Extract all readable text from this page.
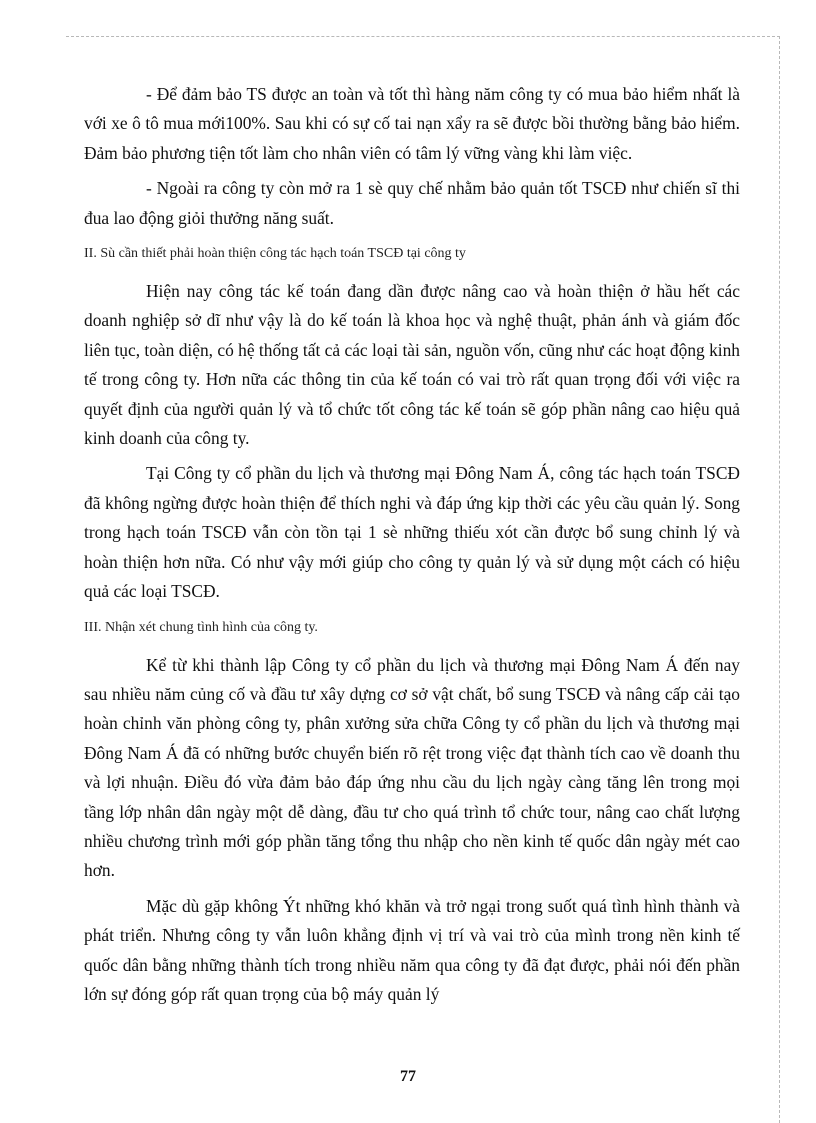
- Để đảm bảo TS được an toàn và tốt thì hàng năm công ty có mua bảo hiểm nhất là với xe ô tô mua mới100%. Sau khi có sự cố tai nạn xẩy ra sẽ được bồi thường bằng bảo hiểm. Đảm bảo phương tiện tốt làm cho nhân viên có tâm lý vững vàng khi làm việc.

- Ngoài ra công ty còn mở ra 1 sè quy chế nhằm bảo quản tốt TSCĐ như chiến sĩ thi đua lao động giỏi thưởng năng suất.

II. Sù cần thiết phải hoàn thiện công tác hạch toán TSCĐ tại công ty

Hiện nay công tác kế toán đang dần được nâng cao và hoàn thiện ở hầu hết các doanh nghiệp sở dĩ như vậy là do kế toán là khoa học và nghệ thuật, phản ánh và giám đốc liên tục, toàn diện, có hệ thống tất cả các loại tài sản, nguồn vốn, cũng như các hoạt động kinh tế trong công ty. Hơn nữa các thông tin của kế toán có vai trò rất quan trọng đối với việc ra quyết định của người quản lý và tổ chức tốt công tác kế toán sẽ góp phần nâng cao hiệu quả kinh doanh của công ty.

Tại Công ty cổ phần du lịch và thương mại Đông Nam Á, công tác hạch toán TSCĐ đã không ngừng được hoàn thiện để thích nghi và đáp ứng kịp thời các yêu cầu quản lý. Song trong hạch toán TSCĐ vẫn còn tồn tại 1 sè những thiếu xót cần được bổ sung chỉnh lý và hoàn thiện hơn nữa. Có như vậy mới giúp cho công ty quản lý và sử dụng một cách có hiệu quả các loại TSCĐ.

III. Nhận xét chung tình hình của công ty.

Kể từ khi thành lập Công ty cổ phần du lịch và thương mại Đông Nam Á đến nay sau nhiều năm củng cố và đầu tư xây dựng cơ sở vật chất, bổ sung TSCĐ và nâng cấp cải tạo hoàn chỉnh văn phòng công ty, phân xưởng sửa chữa Công ty cổ phần du lịch và thương mại Đông Nam Á đã có những bước chuyển biến rõ rệt trong việc đạt thành tích cao về doanh thu và lợi nhuận. Điều đó vừa đảm bảo đáp ứng nhu cầu du lịch ngày càng tăng lên trong mọi tầng lớp nhân dân ngày một dễ dàng, đầu tư cho quá trình tổ chức tour, nâng cao chất lượng nhiều chương trình mới góp phần tăng tổng thu nhập cho nền kinh tế quốc dân ngày mét cao hơn.

Mặc dù gặp không Ýt những khó khăn và trở ngại trong suốt quá tình hình thành và phát triển. Nhưng công ty vẫn luôn khẳng định vị trí và vai trò của mình trong nền kinh tế quốc dân bằng những thành tích trong nhiều năm qua công ty đã đạt được, phải nói đến phần lớn sự đóng góp rất quan trọng của bộ máy quản lý

77
